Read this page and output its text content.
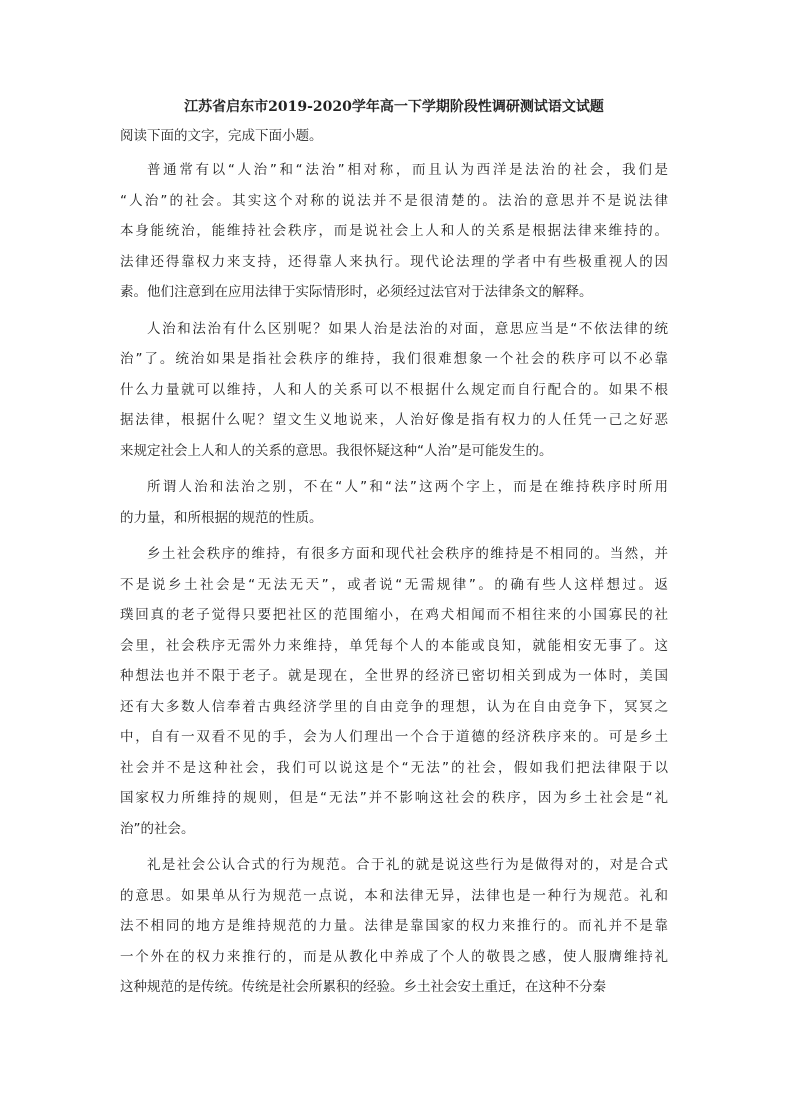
江苏省启东市2019-2020学年高一下学期阶段性调研测试语文试题
阅读下面的文字，完成下面小题。
普通常有以“人治”和“法治”相对称，而且认为西洋是法治的社会，我们是
“人治”的社会。其实这个对称的说法并不是很清楚的。法治的意思并不是说法律
本身能统治，能维持社会秩序，而是说社会上人和人的关系是根据法律来维持的。
法律还得靠权力来支持，还得靠人来执行。现代论法理的学者中有些极重视人的因
素。他们注意到在应用法律于实际情形时，必须经过法官对于法律条文的解释。
人治和法治有什么区别呢？如果人治是法治的对面，意思应当是“不依法律的统
治”了。统治如果是指社会秩序的维持，我们很难想象一个社会的秩序可以不必靠
什么力量就可以维持，人和人的关系可以不根据什么规定而自行配合的。如果不根
据法律，根据什么呢？望文生义地说来，人治好像是指有权力的人任凭一己之好恶
来规定社会上人和人的关系的意思。我很怀疑这种“人治”是可能发生的。
所谓人治和法治之别，不在“人”和“法”这两个字上，而是在维持秩序时所用
的力量，和所根据的规范的性质。
乡土社会秩序的维持，有很多方面和现代社会秩序的维持是不相同的。当然，并
不是说乡土社会是“无法无天”，或者说“无需规律”。的确有些人这样想过。返
璞回真的老子觉得只要把社区的范围缩小，在鸡犬相闻而不相往来的小国寡民的社
会里，社会秩序无需外力来维持，单凭每个人的本能或良知，就能相安无事了。这
种想法也并不限于老子。就是现在，全世界的经济已密切相关到成为一体时，美国
还有大多数人信奉着古典经济学里的自由竞争的理想，认为在自由竞争下，冥冥之
中，自有一双看不见的手，会为人们理出一个合于道德的经济秩序来的。可是乡土
社会并不是这种社会，我们可以说这是个“无法”的社会，假如我们把法律限于以
国家权力所维持的规则，但是“无法”并不影响这社会的秩序，因为乡土社会是“礼
治”的社会。
礼是社会公认合式的行为规范。合于礼的就是说这些行为是做得对的，对是合式
的意思。如果单从行为规范一点说，本和法律无异，法律也是一种行为规范。礼和
法不相同的地方是维持规范的力量。法律是靠国家的权力来推行的。而礼并不是靠
一个外在的权力来推行的，而是从教化中养成了个人的敬畏之感，使人服膺维持礼
这种规范的是传统。传统是社会所累积的经验。乡土社会安土重迁，在这种不分秦
